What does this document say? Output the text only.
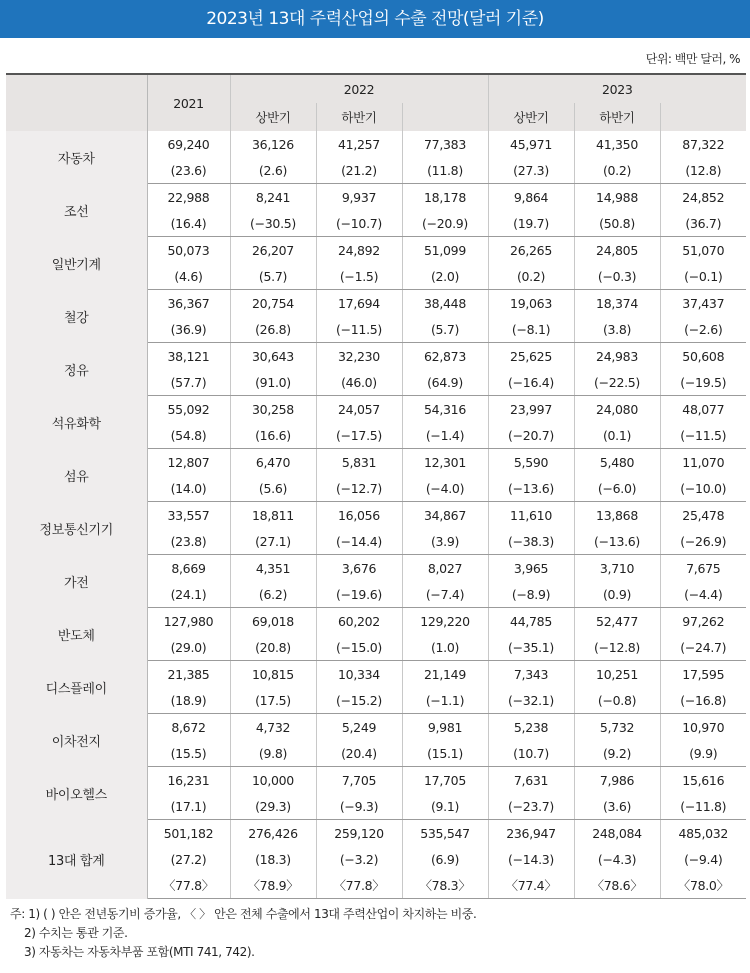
2023년 13대 주력산업의 수출 전망(달러 기준)
단위: 백만 달러, %
	2021	2022			2023		
		상반기	하반기		상반기	하반기	
자동차	69,240	36,126	41,257	77,383	45,971	41,350	87,322
	(23.6)	(2.6)	(21.2)	(11.8)	(27.3)	(0.2)	(12.8)
조선	22,988	8,241	9,937	18,178	9,864	14,988	24,852
	(16.4)	(−30.5)	(−10.7)	(−20.9)	(19.7)	(50.8)	(36.7)
일반기계	50,073	26,207	24,892	51,099	26,265	24,805	51,070
	(4.6)	(5.7)	(−1.5)	(2.0)	(0.2)	(−0.3)	(−0.1)
철강	36,367	20,754	17,694	38,448	19,063	18,374	37,437
	(36.9)	(26.8)	(−11.5)	(5.7)	(−8.1)	(3.8)	(−2.6)
정유	38,121	30,643	32,230	62,873	25,625	24,983	50,608
	(57.7)	(91.0)	(46.0)	(64.9)	(−16.4)	(−22.5)	(−19.5)
석유화학	55,092	30,258	24,057	54,316	23,997	24,080	48,077
	(54.8)	(16.6)	(−17.5)	(−1.4)	(−20.7)	(0.1)	(−11.5)
섬유	12,807	6,470	5,831	12,301	5,590	5,480	11,070
	(14.0)	(5.6)	(−12.7)	(−4.0)	(−13.6)	(−6.0)	(−10.0)
정보통신기기	33,557	18,811	16,056	34,867	11,610	13,868	25,478
	(23.8)	(27.1)	(−14.4)	(3.9)	(−38.3)	(−13.6)	(−26.9)
가전	8,669	4,351	3,676	8,027	3,965	3,710	7,675
	(24.1)	(6.2)	(−19.6)	(−7.4)	(−8.9)	(0.9)	(−4.4)
반도체	127,980	69,018	60,202	129,220	44,785	52,477	97,262
	(29.0)	(20.8)	(−15.0)	(1.0)	(−35.1)	(−12.8)	(−24.7)
디스플레이	21,385	10,815	10,334	21,149	7,343	10,251	17,595
	(18.9)	(17.5)	(−15.2)	(−1.1)	(−32.1)	(−0.8)	(−16.8)
이차전지	8,672	4,732	5,249	9,981	5,238	5,732	10,970
	(15.5)	(9.8)	(20.4)	(15.1)	(10.7)	(9.2)	(9.9)
바이오헬스	16,231	10,000	7,705	17,705	7,631	7,986	15,616
	(17.1)	(29.3)	(−9.3)	(9.1)	(−23.7)	(3.6)	(−11.8)
13대 합계	501,182	276,426	259,120	535,547	236,947	248,084	485,032
	(27.2)	(18.3)	(−3.2)	(6.9)	(−14.3)	(−4.3)	(−9.4)
	〈77.8〉	〈78.9〉	〈77.8〉	〈78.3〉	〈77.4〉	〈78.6〉	〈78.0〉
주: 1) ( ) 안은 전년동기비 증가율, 〈 〉 안은 전체 수출에서 13대 주력산업이 차지하는 비중.
2) 수치는 통관 기준.
3) 자동차는 자동차부품 포함(MTI 741, 742).
